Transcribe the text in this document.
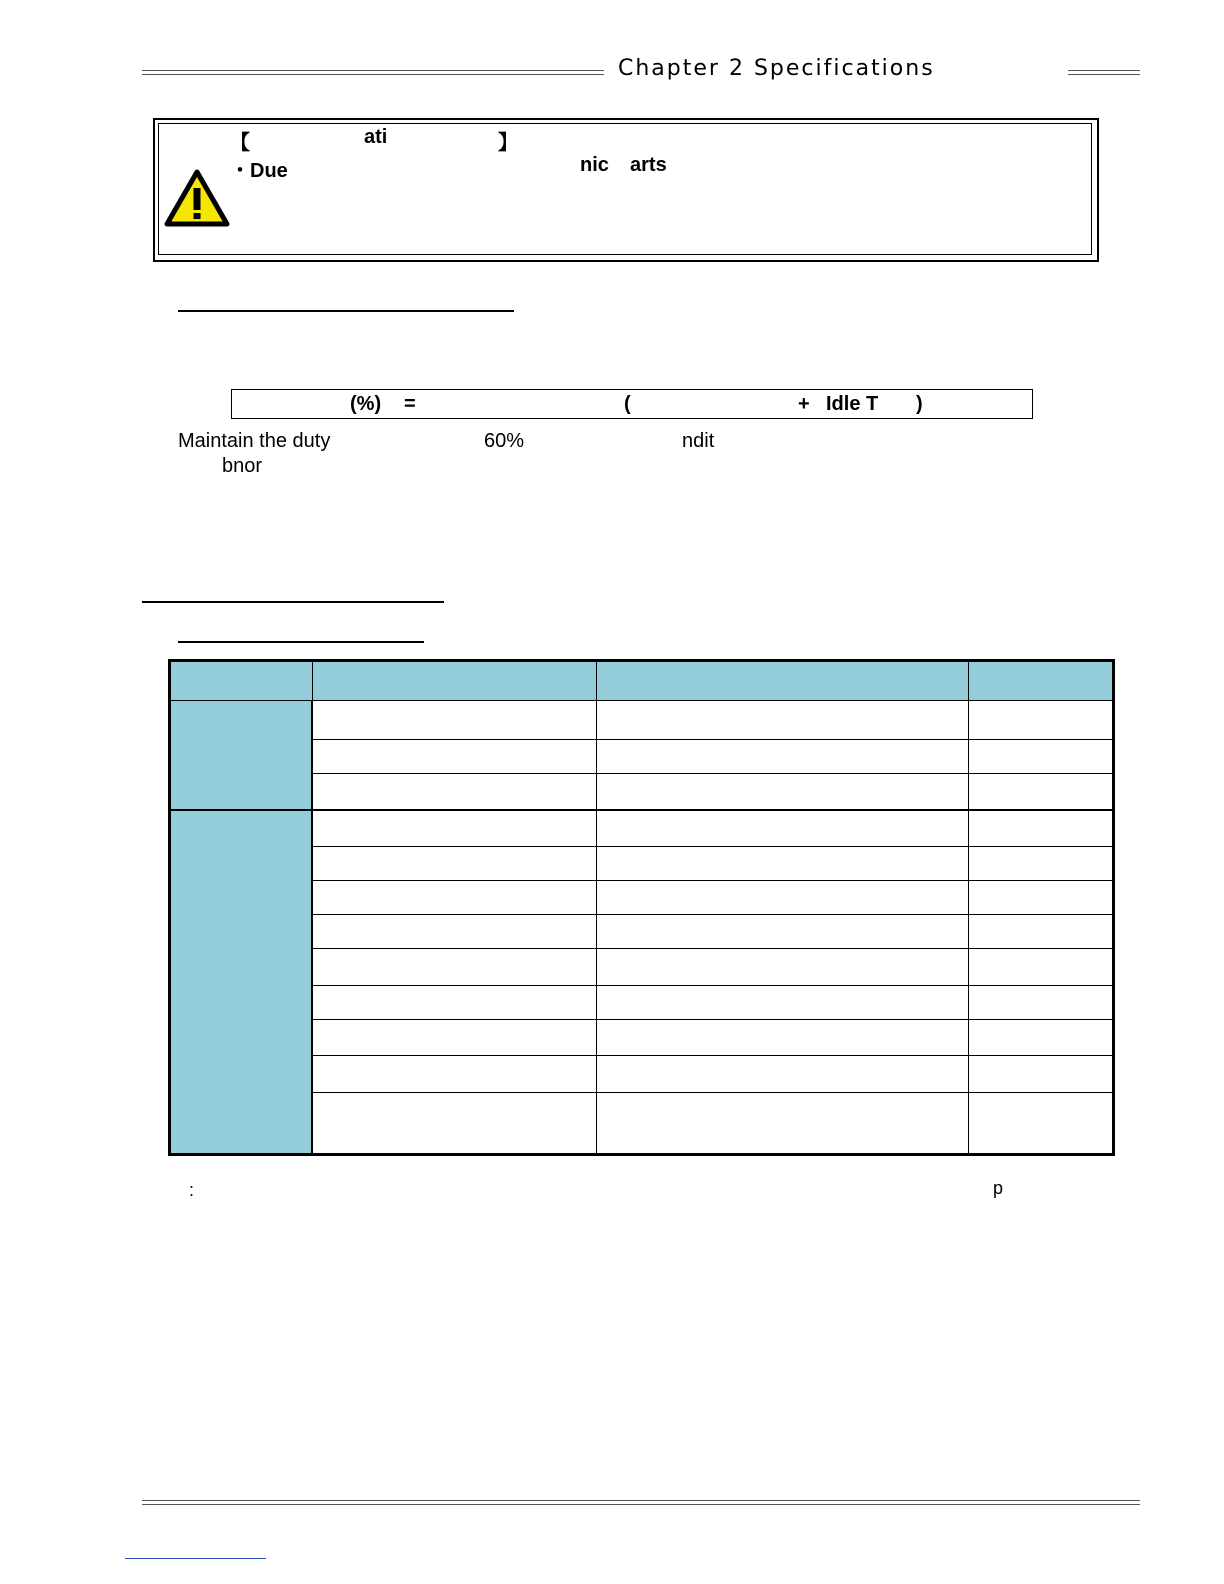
Chapter 2 Specifications
【	ati	】
・Due	nic arts
(%) =	(	+ Idle T )
Maintain the duty	60%	ndit
bnor

:	p
